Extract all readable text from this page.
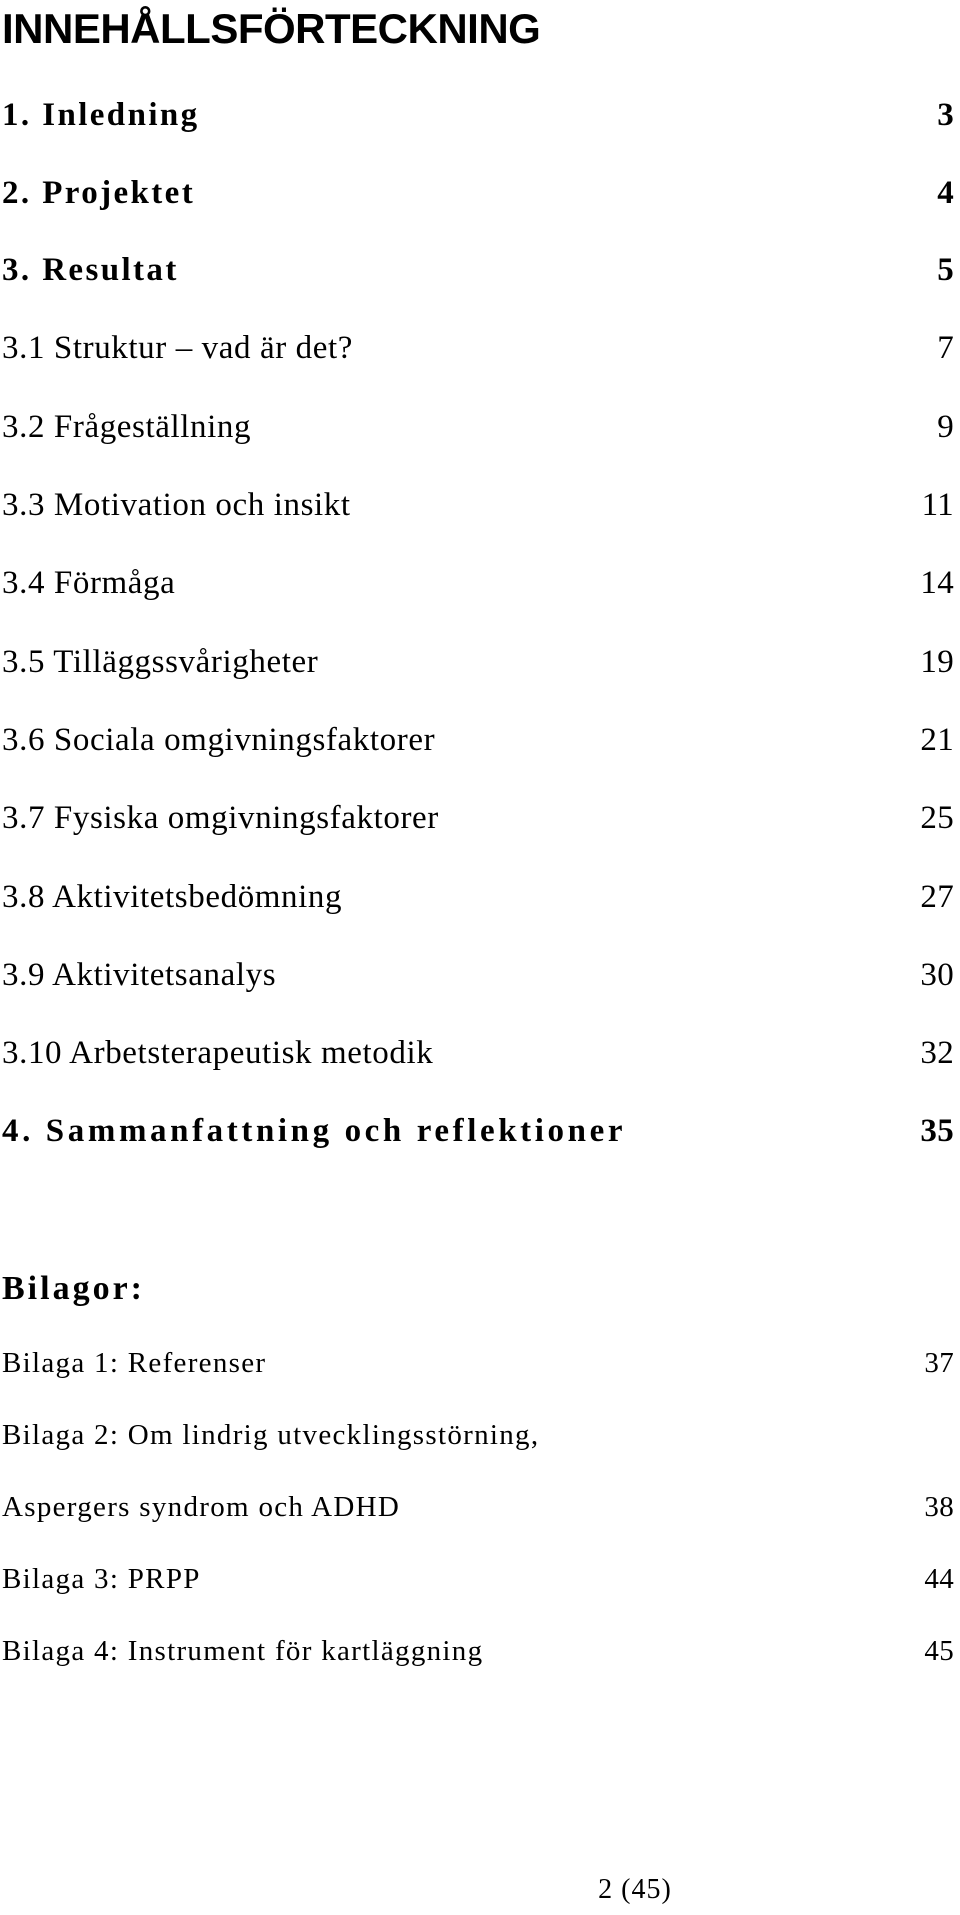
INNEHÅLLSFÖRTECKNING
1. Inledning	3
2. Projektet	4
3. Resultat	5
3.1 Struktur – vad är det?	7
3.2 Frågeställning	9
3.3 Motivation och insikt	11
3.4 Förmåga	14
3.5 Tilläggssvårigheter	19
3.6 Sociala omgivningsfaktorer	21
3.7 Fysiska omgivningsfaktorer	25
3.8 Aktivitetsbedömning	27
3.9 Aktivitetsanalys	30
3.10 Arbetsterapeutisk metodik	32
4. Sammanfattning och reflektioner	35
Bilagor:
Bilaga 1: Referenser	37
Bilaga 2: Om lindrig utvecklingsstörning,
Aspergers syndrom och ADHD	38
Bilaga 3: PRPP	44
Bilaga 4: Instrument för kartläggning	45
2 (45)
